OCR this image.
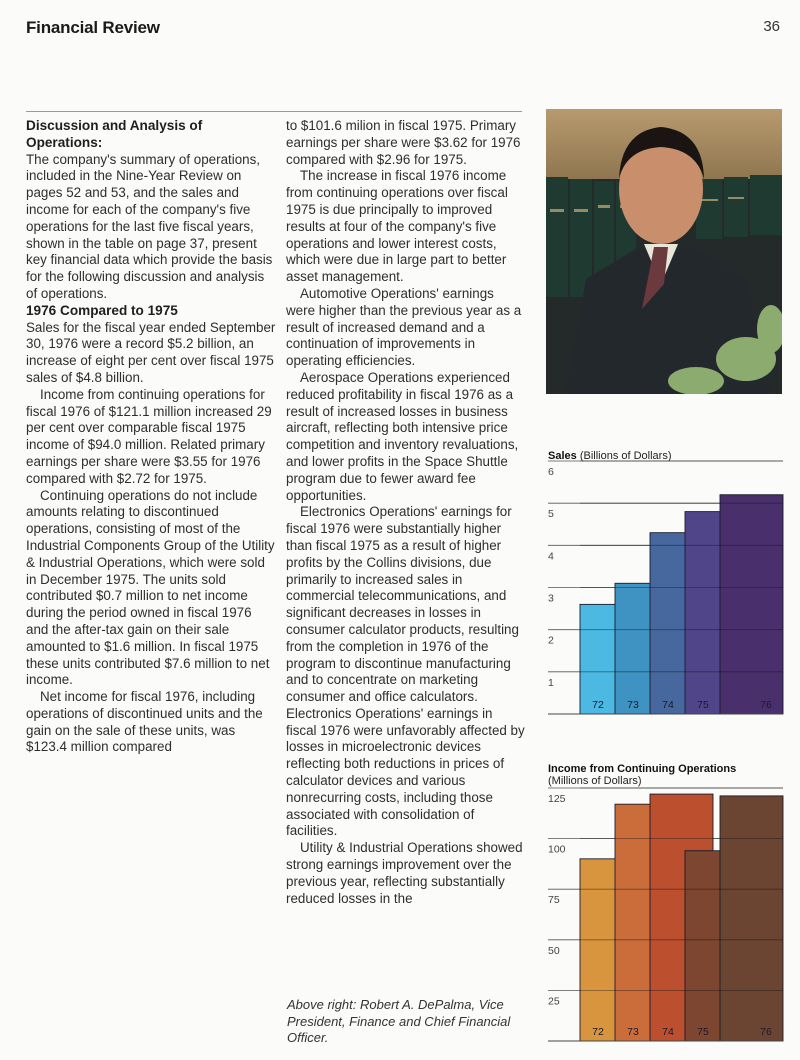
Financial Review	36
Discussion and Analysis of Operations:

The company's summary of operations, included in the Nine-Year Review on pages 52 and 53, and the sales and income for each of the company's five operations for the last five fiscal years, shown in the table on page 37, present key financial data which provide the basis for the following discussion and analysis of operations.

1976 Compared to 1975

Sales for the fiscal year ended September 30, 1976 were a record $5.2 billion, an increase of eight per cent over fiscal 1975 sales of $4.8 billion.

Income from continuing operations for fiscal 1976 of $121.1 million increased 29 per cent over comparable fiscal 1975 income of $94.0 million. Related primary earnings per share were $3.55 for 1976 compared with $2.72 for 1975.

Continuing operations do not include amounts relating to discontinued operations, consisting of most of the Industrial Components Group of the Utility & Industrial Operations, which were sold in December 1975. The units sold contributed $0.7 million to net income during the period owned in fiscal 1976 and the after-tax gain on their sale amounted to $1.6 million. In fiscal 1975 these units contributed $7.6 million to net income.

Net income for fiscal 1976, including operations of discontinued units and the gain on the sale of these units, was $123.4 million compared

to $101.6 milion in fiscal 1975. Primary earnings per share were $3.62 for 1976 compared with $2.96 for 1975.

The increase in fiscal 1976 income from continuing operations over fiscal 1975 is due principally to improved results at four of the company's five operations and lower interest costs, which were due in large part to better asset management.

Automotive Operations' earnings were higher than the previous year as a result of increased demand and a continuation of improvements in operating efficiencies.

Aerospace Operations experienced reduced profitability in fiscal 1976 as a result of increased losses in business aircraft, reflecting both intensive price competition and inventory revaluations, and lower profits in the Space Shuttle program due to fewer award fee opportunities.

Electronics Operations' earnings for fiscal 1976 were substantially higher than fiscal 1975 as a result of higher profits by the Collins divisions, due primarily to increased sales in commercial telecommunications, and significant decreases in losses in consumer calculator products, resulting from the completion in 1976 of the program to discontinue manufacturing and to concentrate on marketing consumer and office calculators. Electronics Operations' earnings in fiscal 1976 were unfavorably affected by losses in microelectronic devices reflecting both reductions in prices of calculator devices and various nonrecurring costs, including those associated with consolidation of facilities.

Utility & Industrial Operations showed strong earnings improvement over the previous year, reflecting substantially reduced losses in the

Above right: Robert A. DePalma, Vice President, Finance and Chief Financial Officer.
Sales (Billions of Dollars)
1
2
3
4
5
6
72 73 74 75	76
Income from Continuing Operations
(Millions of Dollars)
25
50
75
100
125
72 73 74 75	76
